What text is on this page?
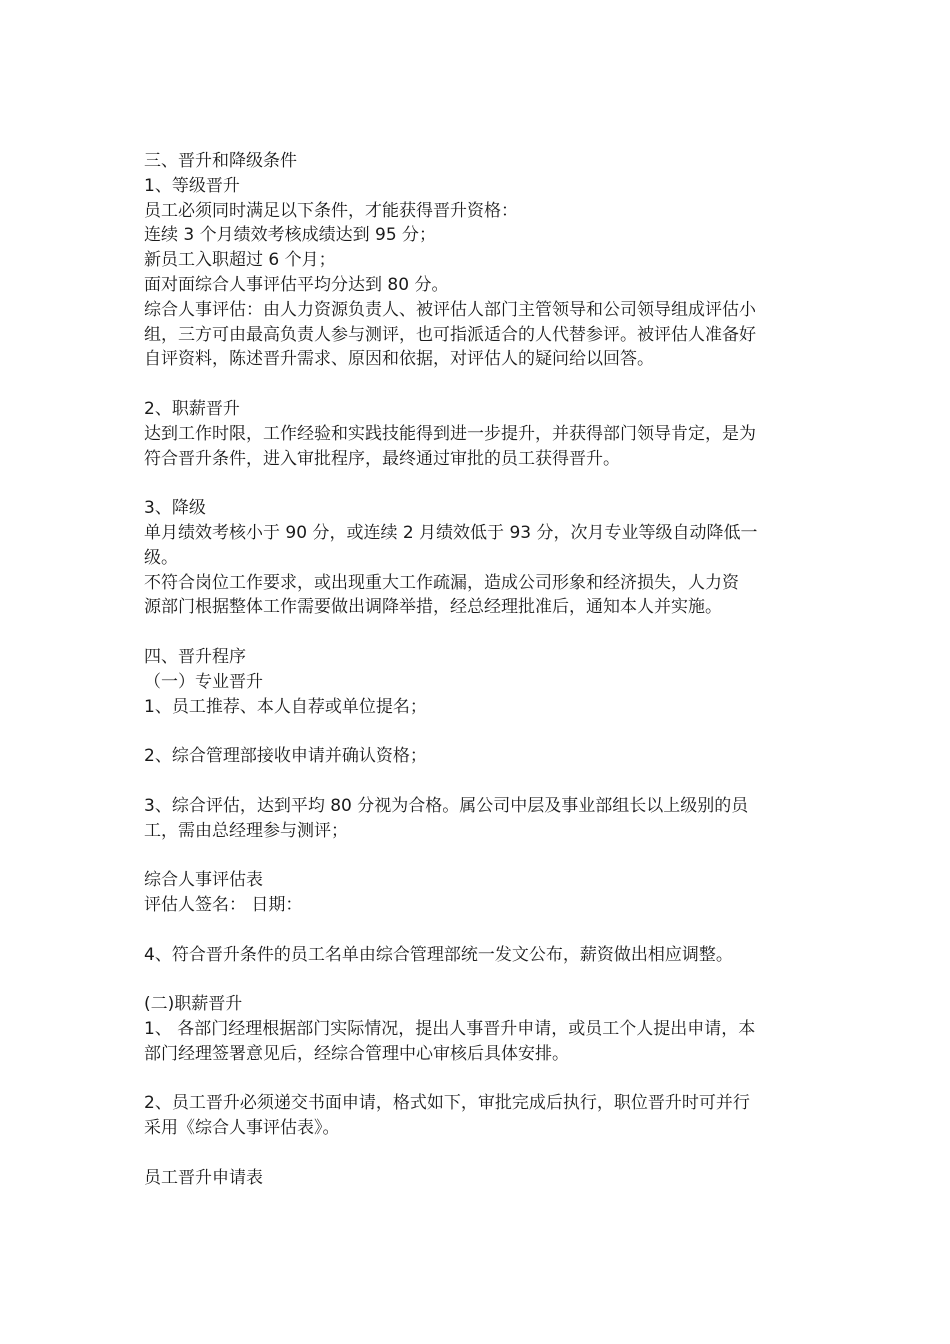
三、晋升和降级条件
1、等级晋升
员工必须同时满足以下条件，才能获得晋升资格：
连续 3 个月绩效考核成绩达到 95 分；
新员工入职超过 6 个月；
面对面综合人事评估平均分达到 80 分。
综合人事评估：由人力资源负责人、被评估人部门主管领导和公司领导组成评估小
组，三方可由最高负责人参与测评，也可指派适合的人代替参评。被评估人准备好
自评资料，陈述晋升需求、原因和依据，对评估人的疑问给以回答。
2、职薪晋升
达到工作时限，工作经验和实践技能得到进一步提升，并获得部门领导肯定，是为
符合晋升条件，进入审批程序，最终通过审批的员工获得晋升。
3、降级
单月绩效考核小于 90 分，或连续 2 月绩效低于 93 分，次月专业等级自动降低一
级。
不符合岗位工作要求，或出现重大工作疏漏，造成公司形象和经济损失，人力资
源部门根据整体工作需要做出调降举措，经总经理批准后，通知本人并实施。
四、晋升程序
（一）专业晋升
1、员工推荐、本人自荐或单位提名；
2、综合管理部接收申请并确认资格；
3、综合评估，达到平均 80 分视为合格。属公司中层及事业部组长以上级别的员
工，需由总经理参与测评；
综合人事评估表
评估人签名： 日期：
4、符合晋升条件的员工名单由综合管理部统一发文公布，薪资做出相应调整。
(二)职薪晋升
1、 各部门经理根据部门实际情况，提出人事晋升申请，或员工个人提出申请，本
部门经理签署意见后，经综合管理中心审核后具体安排。
2、员工晋升必须递交书面申请，格式如下，审批完成后执行，职位晋升时可并行
采用《综合人事评估表》。
员工晋升申请表
